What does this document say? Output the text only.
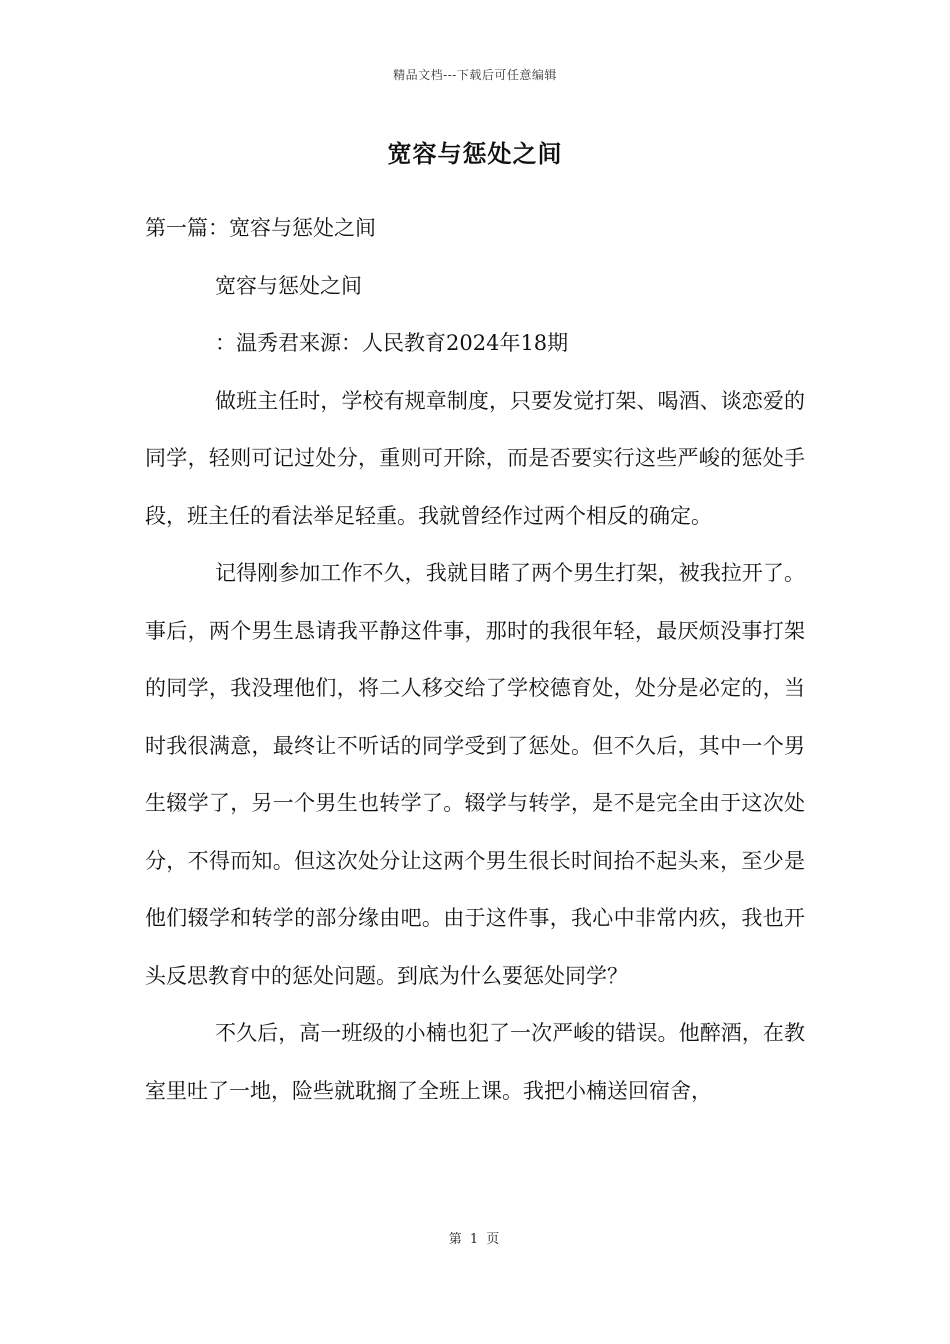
精品文档---下载后可任意编辑
宽容与惩处之间

第一篇：宽容与惩处之间

宽容与惩处之间

：温秀君来源：人民教育2024年18期

做班主任时，学校有规章制度，只要发觉打架、喝酒、谈恋爱的同学，轻则可记过处分，重则可开除，而是否要实行这些严峻的惩处手段，班主任的看法举足轻重。我就曾经作过两个相反的确定。

记得刚参加工作不久，我就目睹了两个男生打架，被我拉开了。事后，两个男生恳请我平静这件事，那时的我很年轻，最厌烦没事打架的同学，我没理他们，将二人移交给了学校德育处，处分是必定的，当时我很满意，最终让不听话的同学受到了惩处。但不久后，其中一个男生辍学了，另一个男生也转学了。辍学与转学，是不是完全由于这次处分，不得而知。但这次处分让这两个男生很长时间抬不起头来，至少是他们辍学和转学的部分缘由吧。由于这件事，我心中非常内疚，我也开头反思教育中的惩处问题。到底为什么要惩处同学？

不久后，高一班级的小楠也犯了一次严峻的错误。他醉酒，在教室里吐了一地，险些就耽搁了全班上课。我把小楠送回宿舍，

第 1 页
